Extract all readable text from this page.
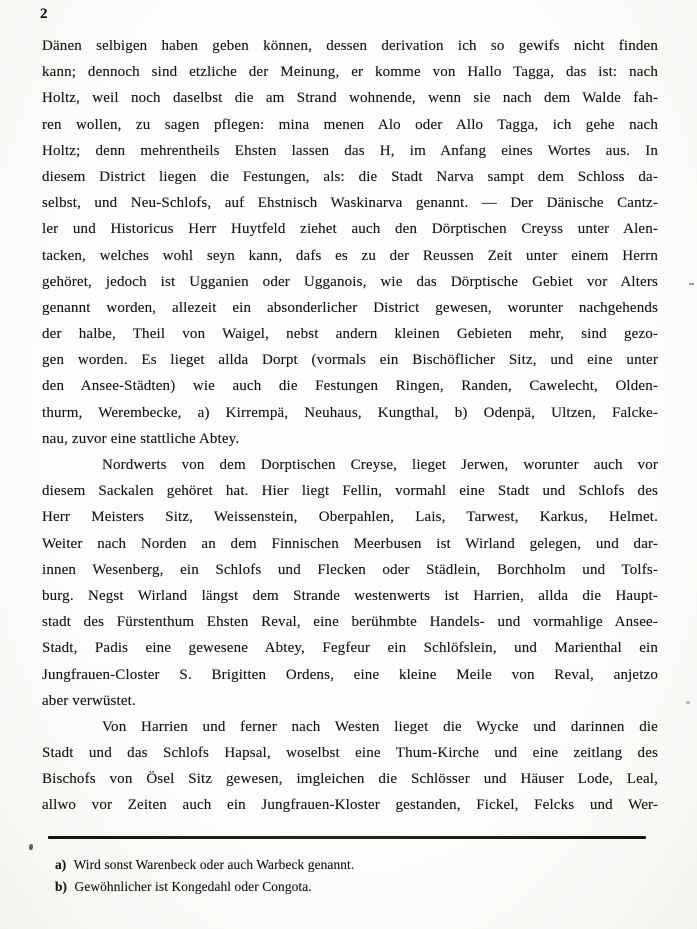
2
Dänen selbigen haben geben können, dessen derivation ich so gewifs nicht finden
kann; dennoch sind etzliche der Meinung, er komme von Hallo Tagga, das ist: nach
Holtz, weil noch daselbst die am Strand wohnende, wenn sie nach dem Walde fah-
ren wollen, zu sagen pflegen: mina menen Alo oder Allo Tagga, ich gehe nach
Holtz; denn mehrentheils Ehsten lassen das H, im Anfang eines Wortes aus. In
diesem District liegen die Festungen, als: die Stadt Narva sampt dem Schloss da-
selbst, und Neu-Schlofs, auf Ehstnisch Waskinarva genannt. — Der Dänische Cantz-
ler und Historicus Herr Huytfeld ziehet auch den Dörptischen Creyss unter Alen-
tacken, welches wohl seyn kann, dafs es zu der Reussen Zeit unter einem Herrn
gehöret, jedoch ist Ugganien oder Ugganois, wie das Dörptische Gebiet vor Alters
genannt worden, allezeit ein absonderlicher District gewesen, worunter nachgehends
der halbe, Theil von Waigel, nebst andern kleinen Gebieten mehr, sind gezo-
gen worden. Es lieget allda Dorpt (vormals ein Bischöflicher Sitz, und eine unter
den Ansee-Städten) wie auch die Festungen Ringen, Randen, Cawelecht, Olden-
thurm, Werembecke, a) Kirrempä, Neuhaus, Kungthal, b) Odenpä, Ultzen, Falcke-
nau, zuvor eine stattliche Abtey.
Nordwerts von dem Dorptischen Creyse, lieget Jerwen, worunter auch vor
diesem Sackalen gehöret hat. Hier liegt Fellin, vormahl eine Stadt und Schlofs des
Herr Meisters Sitz, Weissenstein, Oberpahlen, Lais, Tarwest, Karkus, Helmet.
Weiter nach Norden an dem Finnischen Meerbusen ist Wirland gelegen, und dar-
innen Wesenberg, ein Schlofs und Flecken oder Städlein, Borchholm und Tolfs-
burg. Negst Wirland längst dem Strande westenwerts ist Harrien, allda die Haupt-
stadt des Fürstenthum Ehsten Reval, eine berühmbte Handels- und vormahlige Ansee-
Stadt, Padis eine gewesene Abtey, Fegfeur ein Schlöfslein, und Marienthal ein
Jungfrauen-Closter S. Brigitten Ordens, eine kleine Meile von Reval, anjetzo
aber verwüstet.
Von Harrien und ferner nach Westen lieget die Wycke und darinnen die
Stadt und das Schlofs Hapsal, woselbst eine Thum-Kirche und eine zeitlang des
Bischofs von Ösel Sitz gewesen, imgleichen die Schlösser und Häuser Lode, Leal,
allwo vor Zeiten auch ein Jungfrauen-Kloster gestanden, Fickel, Felcks und Wer-
a) Wird sonst Warenbeck oder auch Warbeck genannt.
b) Gewöhnlicher ist Kongedahl oder Congota.
